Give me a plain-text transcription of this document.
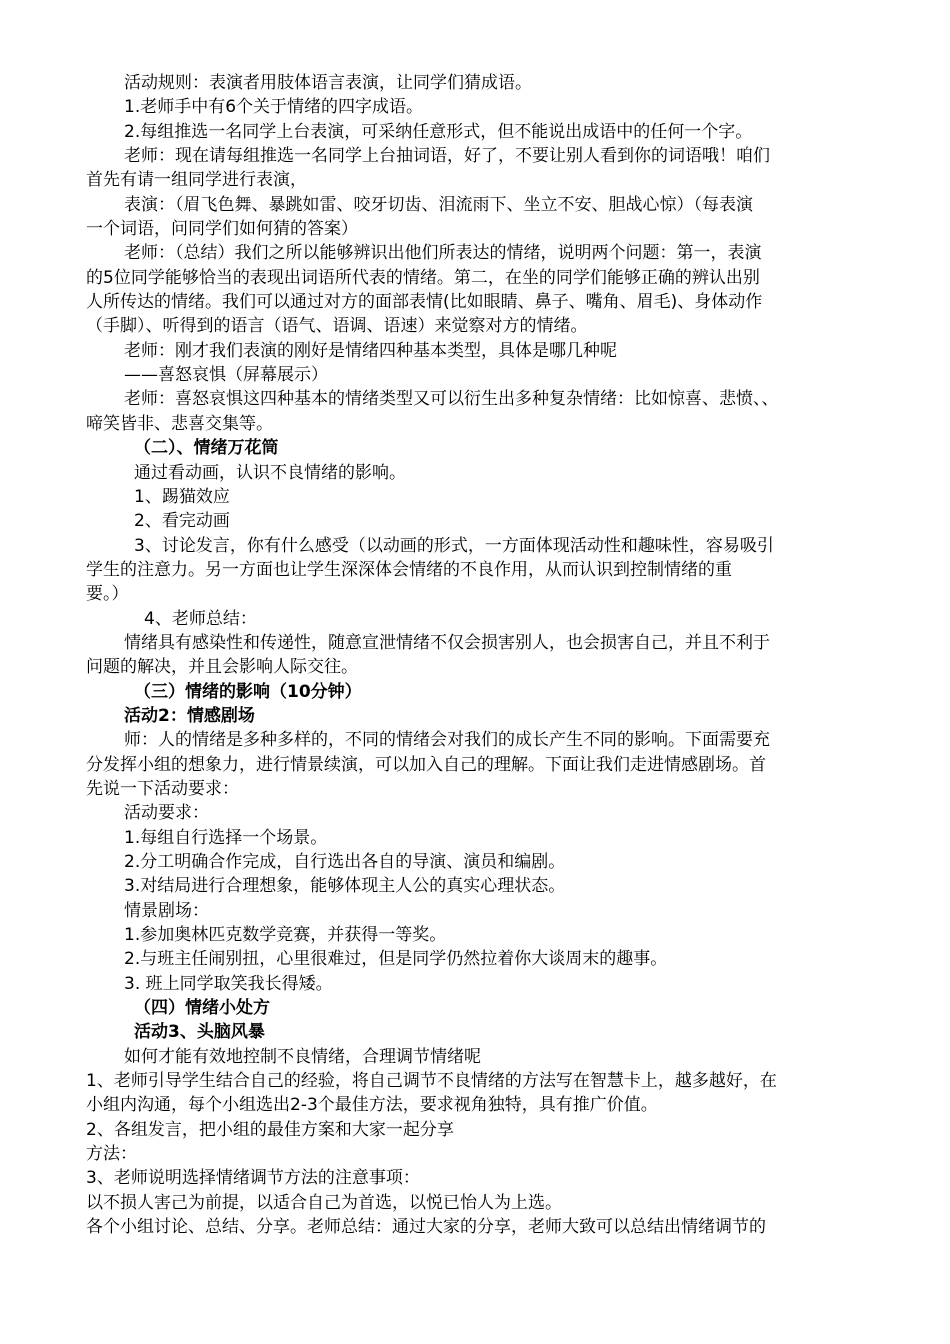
活动规则：表演者用肢体语言表演，让同学们猜成语。
1.老师手中有6个关于情绪的四字成语。
2.每组推选一名同学上台表演，可采纳任意形式，但不能说出成语中的任何一个字。
老师：现在请每组推选一名同学上台抽词语，好了，不要让别人看到你的词语哦！咱们
首先有请一组同学进行表演，
表演：（眉飞色舞、暴跳如雷、咬牙切齿、泪流雨下、坐立不安、胆战心惊）（每表演
一个词语，问同学们如何猜的答案）
老师：（总结）我们之所以能够辨识出他们所表达的情绪，说明两个问题：第一，表演
的5位同学能够恰当的表现出词语所代表的情绪。第二，在坐的同学们能够正确的辨认出别
人所传达的情绪。我们可以通过对方的面部表情(比如眼睛、鼻子、嘴角、眉毛)、身体动作
（手脚）、听得到的语言（语气、语调、语速）来觉察对方的情绪。
老师：刚才我们表演的刚好是情绪四种基本类型，具体是哪几种呢
——喜怒哀惧（屏幕展示）
老师：喜怒哀惧这四种基本的情绪类型又可以衍生出多种复杂情绪：比如惊喜、悲愤、、
啼笑皆非、悲喜交集等。
（二）、情绪万花筒
通过看动画，认识不良情绪的影响。
1、踢猫效应
2、看完动画
3、讨论发言，你有什么感受（以动画的形式，一方面体现活动性和趣味性，容易吸引
学生的注意力。另一方面也让学生深深体会情绪的不良作用，从而认识到控制情绪的重
要。）
4、老师总结：
情绪具有感染性和传递性，随意宣泄情绪不仅会损害别人，也会损害自己，并且不利于
问题的解决，并且会影响人际交往。
（三）情绪的影响（10分钟）
活动2：情感剧场
师：人的情绪是多种多样的，不同的情绪会对我们的成长产生不同的影响。下面需要充
分发挥小组的想象力，进行情景续演，可以加入自己的理解。下面让我们走进情感剧场。首
先说一下活动要求：
活动要求：
1.每组自行选择一个场景。
2.分工明确合作完成，自行选出各自的导演、演员和编剧。
3.对结局进行合理想象，能够体现主人公的真实心理状态。
情景剧场：
1.参加奥林匹克数学竞赛，并获得一等奖。
2.与班主任闹别扭，心里很难过，但是同学仍然拉着你大谈周末的趣事。
3. 班上同学取笑我长得矮。
（四）情绪小处方
活动3、头脑风暴
如何才能有效地控制不良情绪，合理调节情绪呢
1、老师引导学生结合自己的经验，将自己调节不良情绪的方法写在智慧卡上，越多越好，在
小组内沟通，每个小组选出2-3个最佳方法，要求视角独特，具有推广价值。
2、各组发言，把小组的最佳方案和大家一起分享
方法：
3、老师说明选择情绪调节方法的注意事项：
以不损人害己为前提，以适合自己为首选，以悦已怡人为上选。
各个小组讨论、总结、分享。老师总结：通过大家的分享，老师大致可以总结出情绪调节的
